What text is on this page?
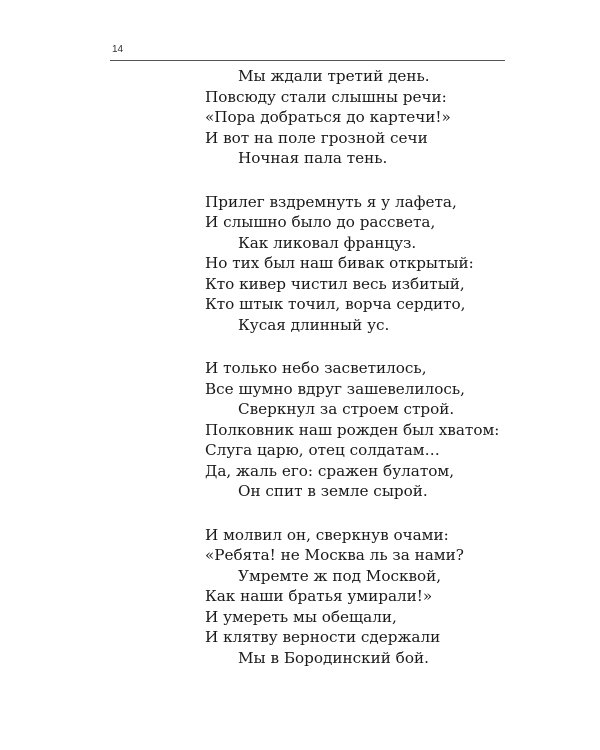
14
Мы ждали третий день.
Повсюду стали слышны речи:
«Пора добраться до картечи!»
И вот на поле грозной сечи
Ночная пала тень.
Прилег вздремнуть я у лафета,
И слышно было до рассвета,
Как ликовал француз.
Но тих был наш бивак открытый:
Кто кивер чистил весь избитый,
Кто штык точил, ворча сердито,
Кусая длинный ус.
И только небо засветилось,
Все шумно вдруг зашевелилось,
Сверкнул за строем строй.
Полковник наш рожден был хватом:
Слуга царю, отец солдатам…
Да, жаль его: сражен булатом,
Он спит в земле сырой.
И молвил он, сверкнув очами:
«Ребята! не Москва ль за нами?
Умремте ж под Москвой,
Как наши братья умирали!»
И умереть мы обещали,
И клятву верности сдержали
Мы в Бородинский бой.
